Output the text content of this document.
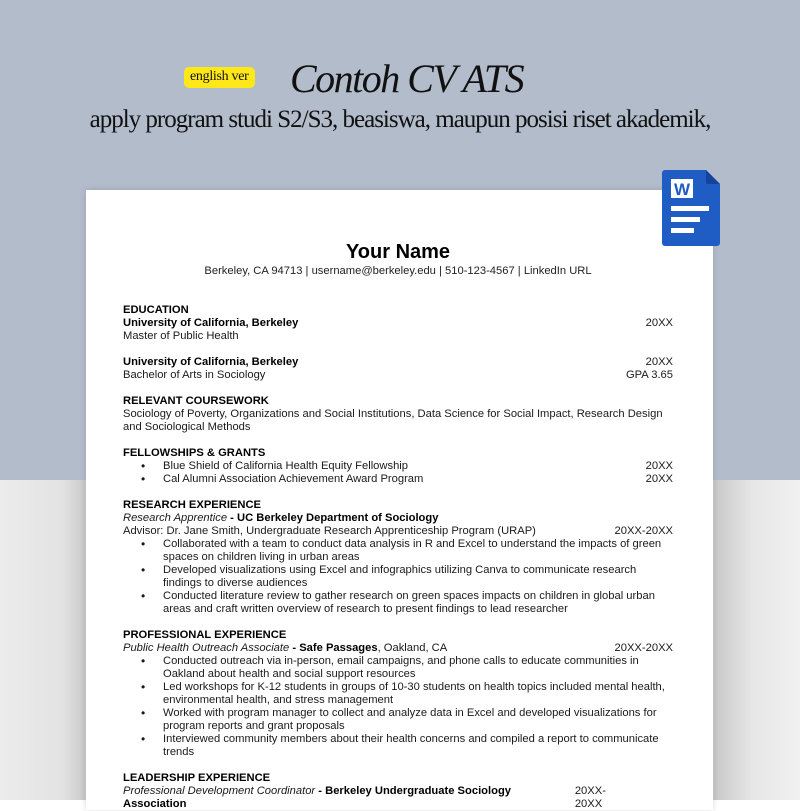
english ver Contoh CV ATS
apply program studi S2/S3, beasiswa, maupun posisi riset akademik,
Your Name
Berkeley, CA 94713 | username@berkeley.edu | 510-123-4567 | LinkedIn URL
EDUCATION
University of California, Berkeley	20XX
Master of Public Health
University of California, Berkeley	20XX
Bachelor of Arts in Sociology	GPA 3.65
RELEVANT COURSEWORK
Sociology of Poverty, Organizations and Social Institutions, Data Science for Social Impact, Research Design and Sociological Methods
FELLOWSHIPS & GRANTS
• Blue Shield of California Health Equity Fellowship	20XX
• Cal Alumni Association Achievement Award Program	20XX
RESEARCH EXPERIENCE
Research Apprentice - UC Berkeley Department of Sociology
Advisor: Dr. Jane Smith, Undergraduate Research Apprenticeship Program (URAP)	20XX-20XX
• Collaborated with a team to conduct data analysis in R and Excel to understand the impacts of green spaces on children living in urban areas
• Developed visualizations using Excel and infographics utilizing Canva to communicate research findings to diverse audiences
• Conducted literature review to gather research on green spaces impacts on children in global urban areas and craft written overview of research to present findings to lead researcher
PROFESSIONAL EXPERIENCE
Public Health Outreach Associate - Safe Passages, Oakland, CA	20XX-20XX
• Conducted outreach via in-person, email campaigns, and phone calls to educate communities in Oakland about health and social support resources
• Led workshops for K-12 students in groups of 10-30 students on health topics included mental health, environmental health, and stress management
• Worked with program manager to collect and analyze data in Excel and developed visualizations for program reports and grant proposals
• Interviewed community members about their health concerns and compiled a report to communicate trends
LEADERSHIP EXPERIENCE
Professional Development Coordinator - Berkeley Undergraduate Sociology Association
20XX-20XX
W
